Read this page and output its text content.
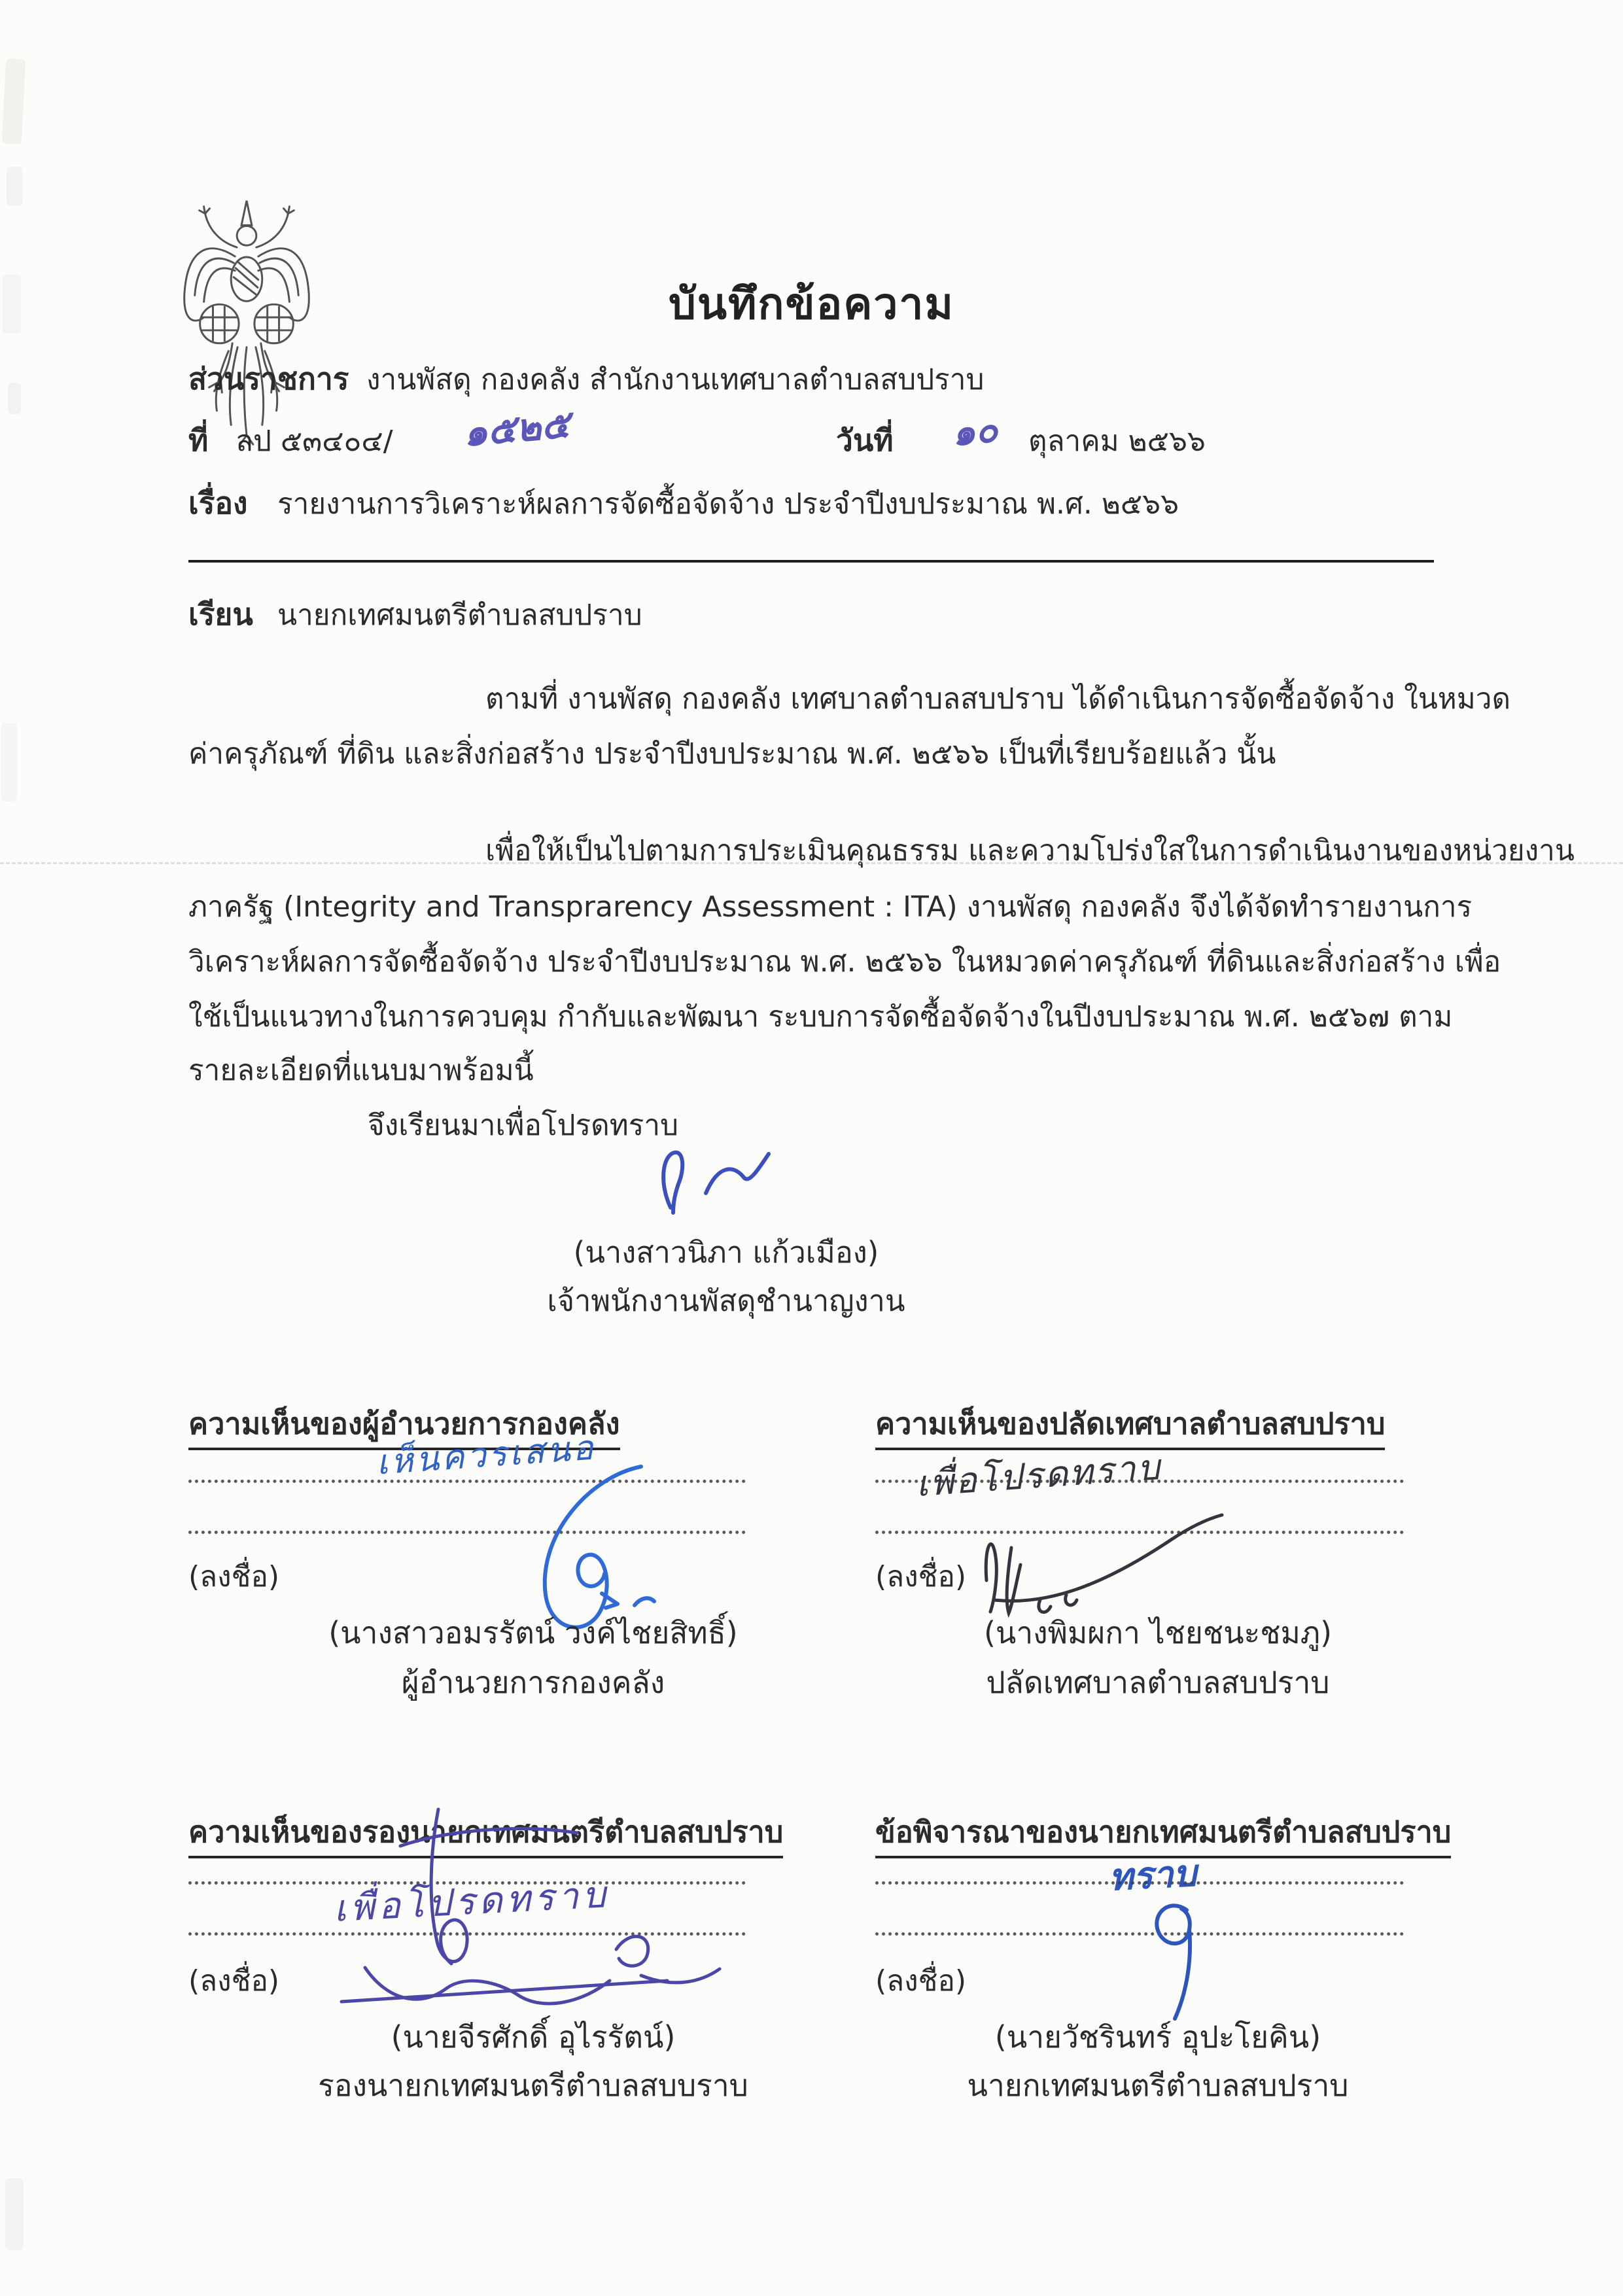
บันทึกข้อความ
ส่วนราชการ งานพัสดุ กองคลัง สำนักงานเทศบาลตำบลสบปราบ
ที่ ลป ๕๓๔๐๔/ ๑๕๒๕	วันที่ ๑๐ ตุลาคม ๒๕๖๖
เรื่อง รายงานการวิเคราะห์ผลการจัดซื้อจัดจ้าง ประจำปีงบประมาณ พ.ศ. ๒๕๖๖
เรียน นายกเทศมนตรีตำบลสบปราบ
ตามที่ งานพัสดุ กองคลัง เทศบาลตำบลสบปราบ ได้ดำเนินการจัดซื้อจัดจ้าง ในหมวด
ค่าครุภัณฑ์ ที่ดิน และสิ่งก่อสร้าง ประจำปีงบประมาณ พ.ศ. ๒๕๖๖ เป็นที่เรียบร้อยแล้ว นั้น
เพื่อให้เป็นไปตามการประเมินคุณธรรม และความโปร่งใสในการดำเนินงานของหน่วยงาน
ภาครัฐ (Integrity and Transprarency Assessment : ITA) งานพัสดุ กองคลัง จึงได้จัดทำรายงานการ
วิเคราะห์ผลการจัดซื้อจัดจ้าง ประจำปีงบประมาณ พ.ศ. ๒๕๖๖ ในหมวดค่าครุภัณฑ์ ที่ดินและสิ่งก่อสร้าง เพื่อ
ใช้เป็นแนวทางในการควบคุม กำกับและพัฒนา ระบบการจัดซื้อจัดจ้างในปีงบประมาณ พ.ศ. ๒๕๖๗ ตาม
รายละเอียดที่แนบมาพร้อมนี้
จึงเรียนมาเพื่อโปรดทราบ
(นางสาวนิภา แก้วเมือง)
เจ้าพนักงานพัสดุชำนาญงาน
ความเห็นของผู้อำนวยการกองคลัง
เห็นควรเสนอ
(ลงชื่อ)
(นางสาวอมรรัตน์ วงค์ไชยสิทธิ์)
ผู้อำนวยการกองคลัง
ความเห็นของปลัดเทศบาลตำบลสบปราบ
เพื่อโปรดทราบ
(ลงชื่อ)
(นางพิมผกา ไชยชนะชมภู)
ปลัดเทศบาลตำบลสบปราบ
ความเห็นของรองนายกเทศมนตรีตำบลสบปราบ
เพื่อโปรดทราบ
(ลงชื่อ)
(นายจีรศักดิ์ อุไรรัตน์)
รองนายกเทศมนตรีตำบลสบบราบ
ข้อพิจารณาของนายกเทศมนตรีตำบลสบปราบ
ทราบ
(ลงชื่อ)
(นายวัชรินทร์ อุปะโยคิน)
นายกเทศมนตรีตำบลสบปราบ
